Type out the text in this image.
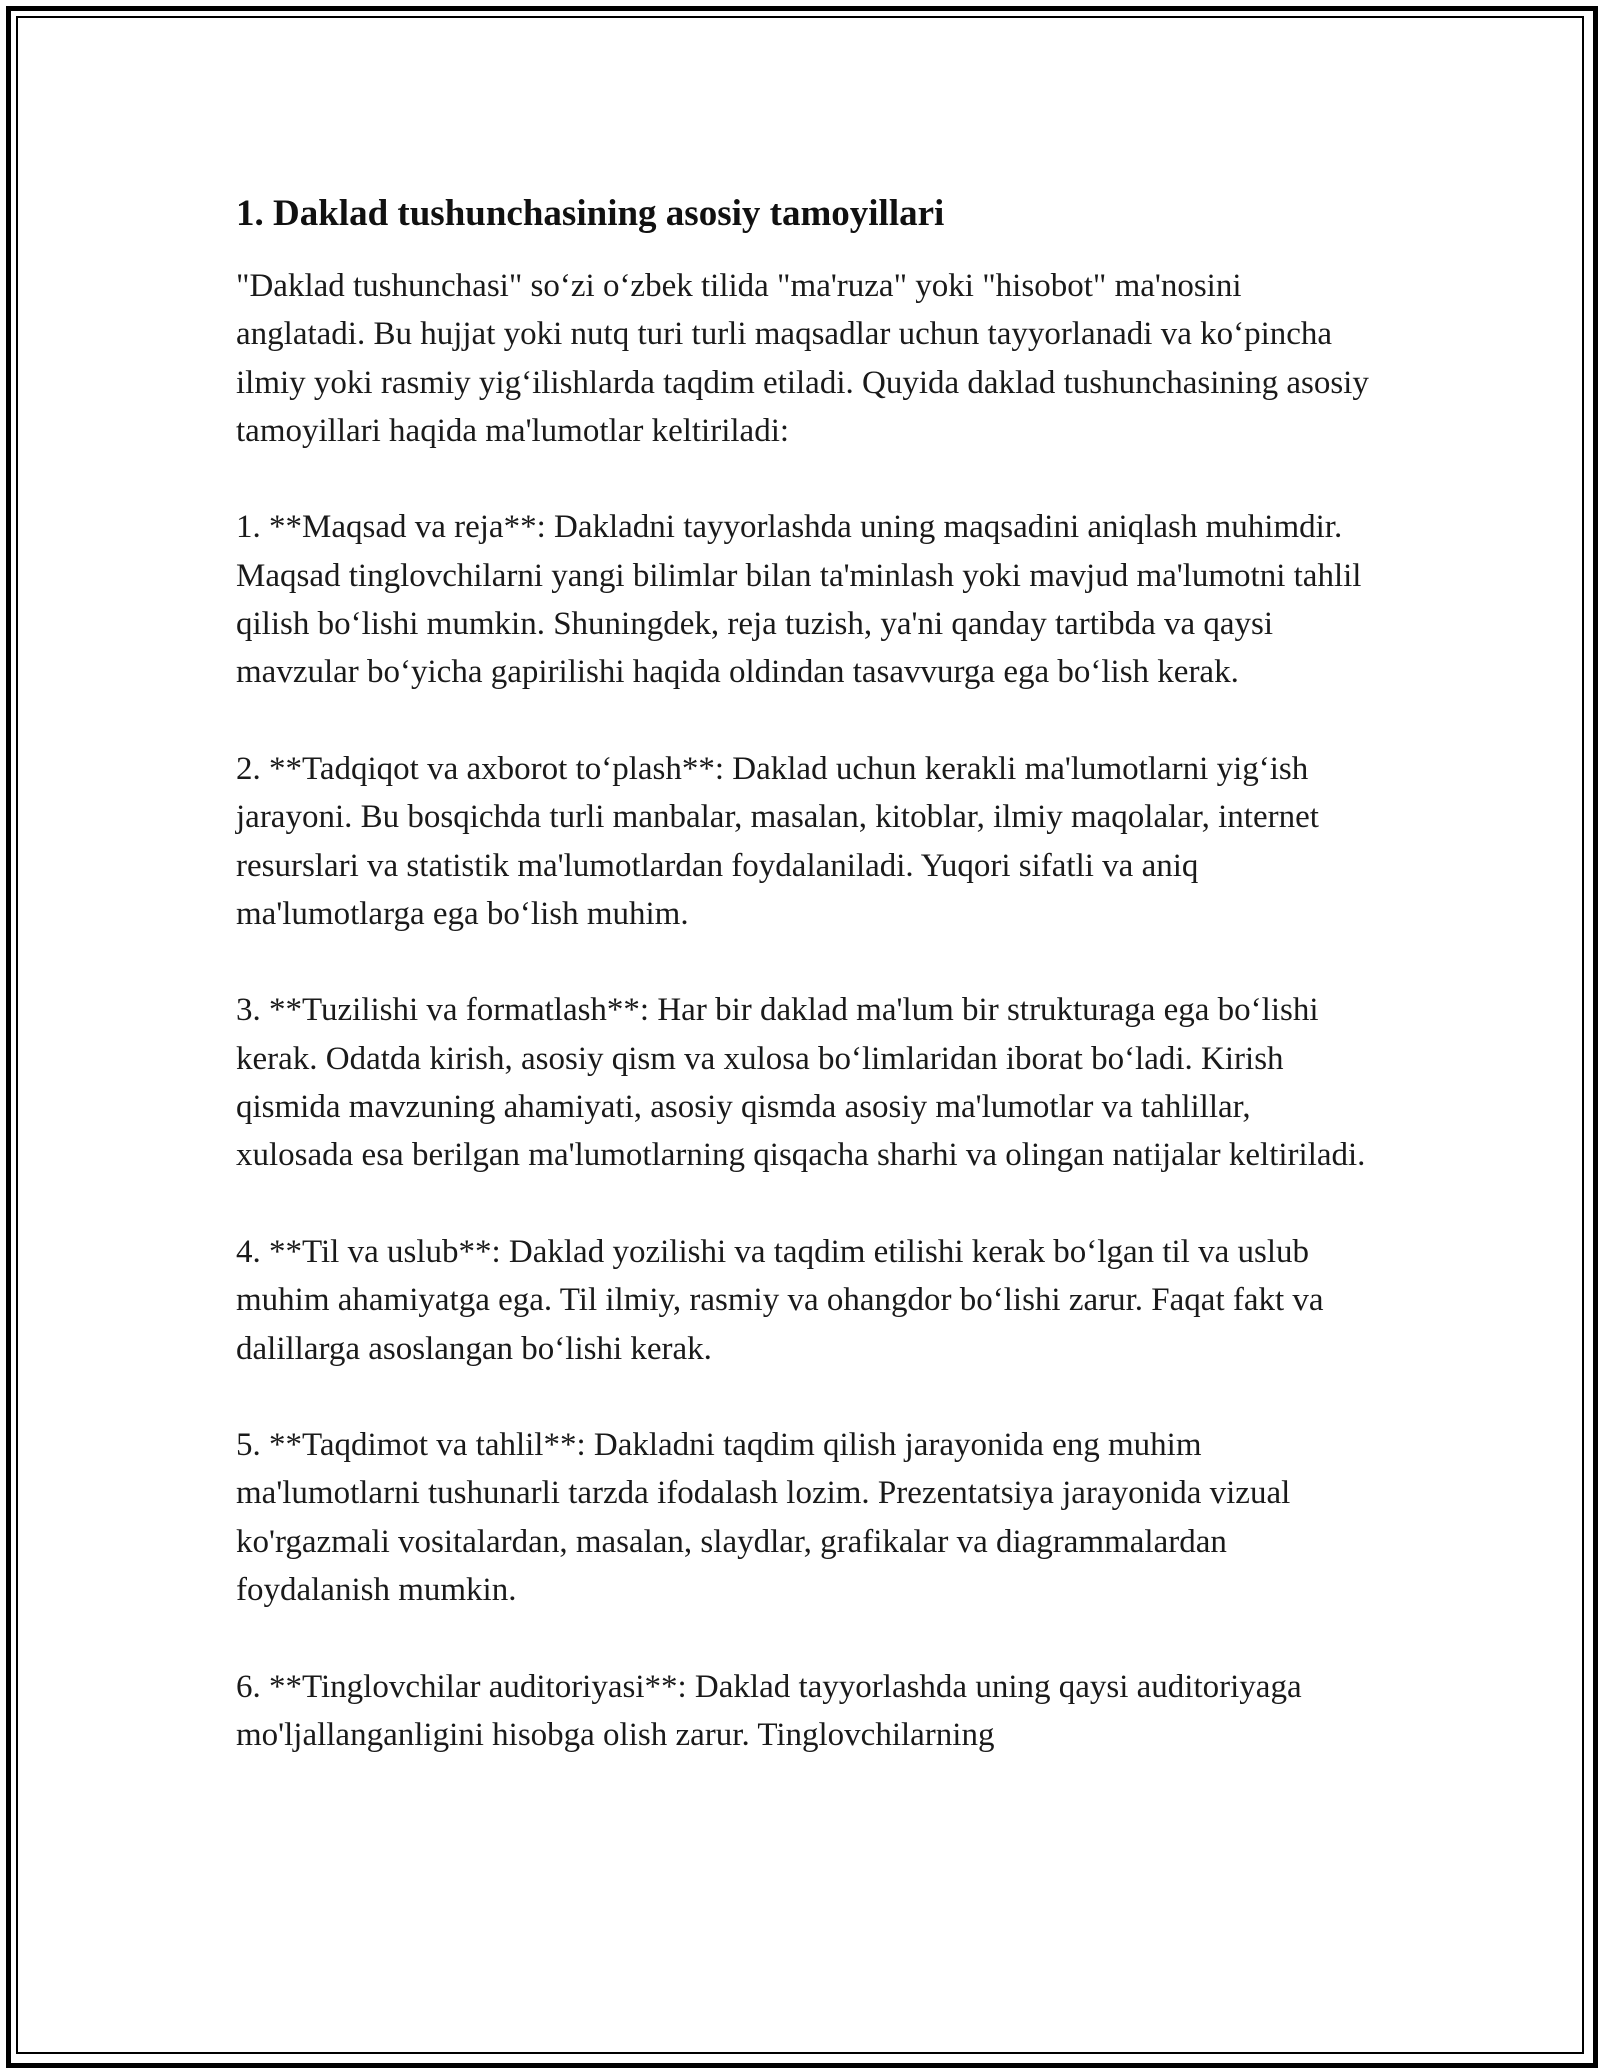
1. Daklad tushunchasining asosiy tamoyillari

"Daklad tushunchasi" so‘zi o‘zbek tilida "ma'ruza" yoki "hisobot" ma'nosini anglatadi. Bu hujjat yoki nutq turi turli maqsadlar uchun tayyorlanadi va ko‘pincha ilmiy yoki rasmiy yig‘ilishlarda taqdim etiladi. Quyida daklad tushunchasining asosiy tamoyillari haqida ma'lumotlar keltiriladi:

1. **Maqsad va reja**: Dakladni tayyorlashda uning maqsadini aniqlash muhimdir. Maqsad tinglovchilarni yangi bilimlar bilan ta'minlash yoki mavjud ma'lumotni tahlil qilish bo‘lishi mumkin. Shuningdek, reja tuzish, ya'ni qanday tartibda va qaysi mavzular bo‘yicha gapirilishi haqida oldindan tasavvurga ega bo‘lish kerak.

2. **Tadqiqot va axborot to‘plash**: Daklad uchun kerakli ma'lumotlarni yig‘ish jarayoni. Bu bosqichda turli manbalar, masalan, kitoblar, ilmiy maqolalar, internet resurslari va statistik ma'lumotlardan foydalaniladi. Yuqori sifatli va aniq ma'lumotlarga ega bo‘lish muhim.

3. **Tuzilishi va formatlash**: Har bir daklad ma'lum bir strukturaga ega bo‘lishi kerak. Odatda kirish, asosiy qism va xulosa bo‘limlaridan iborat bo‘ladi. Kirish qismida mavzuning ahamiyati, asosiy qismda asosiy ma'lumotlar va tahlillar, xulosada esa berilgan ma'lumotlarning qisqacha sharhi va olingan natijalar keltiriladi.

4. **Til va uslub**: Daklad yozilishi va taqdim etilishi kerak bo‘lgan til va uslub muhim ahamiyatga ega. Til ilmiy, rasmiy va ohangdor bo‘lishi zarur. Faqat fakt va dalillarga asoslangan bo‘lishi kerak.

5. **Taqdimot va tahlil**: Dakladni taqdim qilish jarayonida eng muhim ma'lumotlarni tushunarli tarzda ifodalash lozim. Prezentatsiya jarayonida vizual ko'rgazmali vositalardan, masalan, slaydlar, grafikalar va diagrammalardan foydalanish mumkin.

6. **Tinglovchilar auditoriyasi**: Daklad tayyorlashda uning qaysi auditoriyaga mo'ljallanganligini hisobga olish zarur. Tinglovchilarning
